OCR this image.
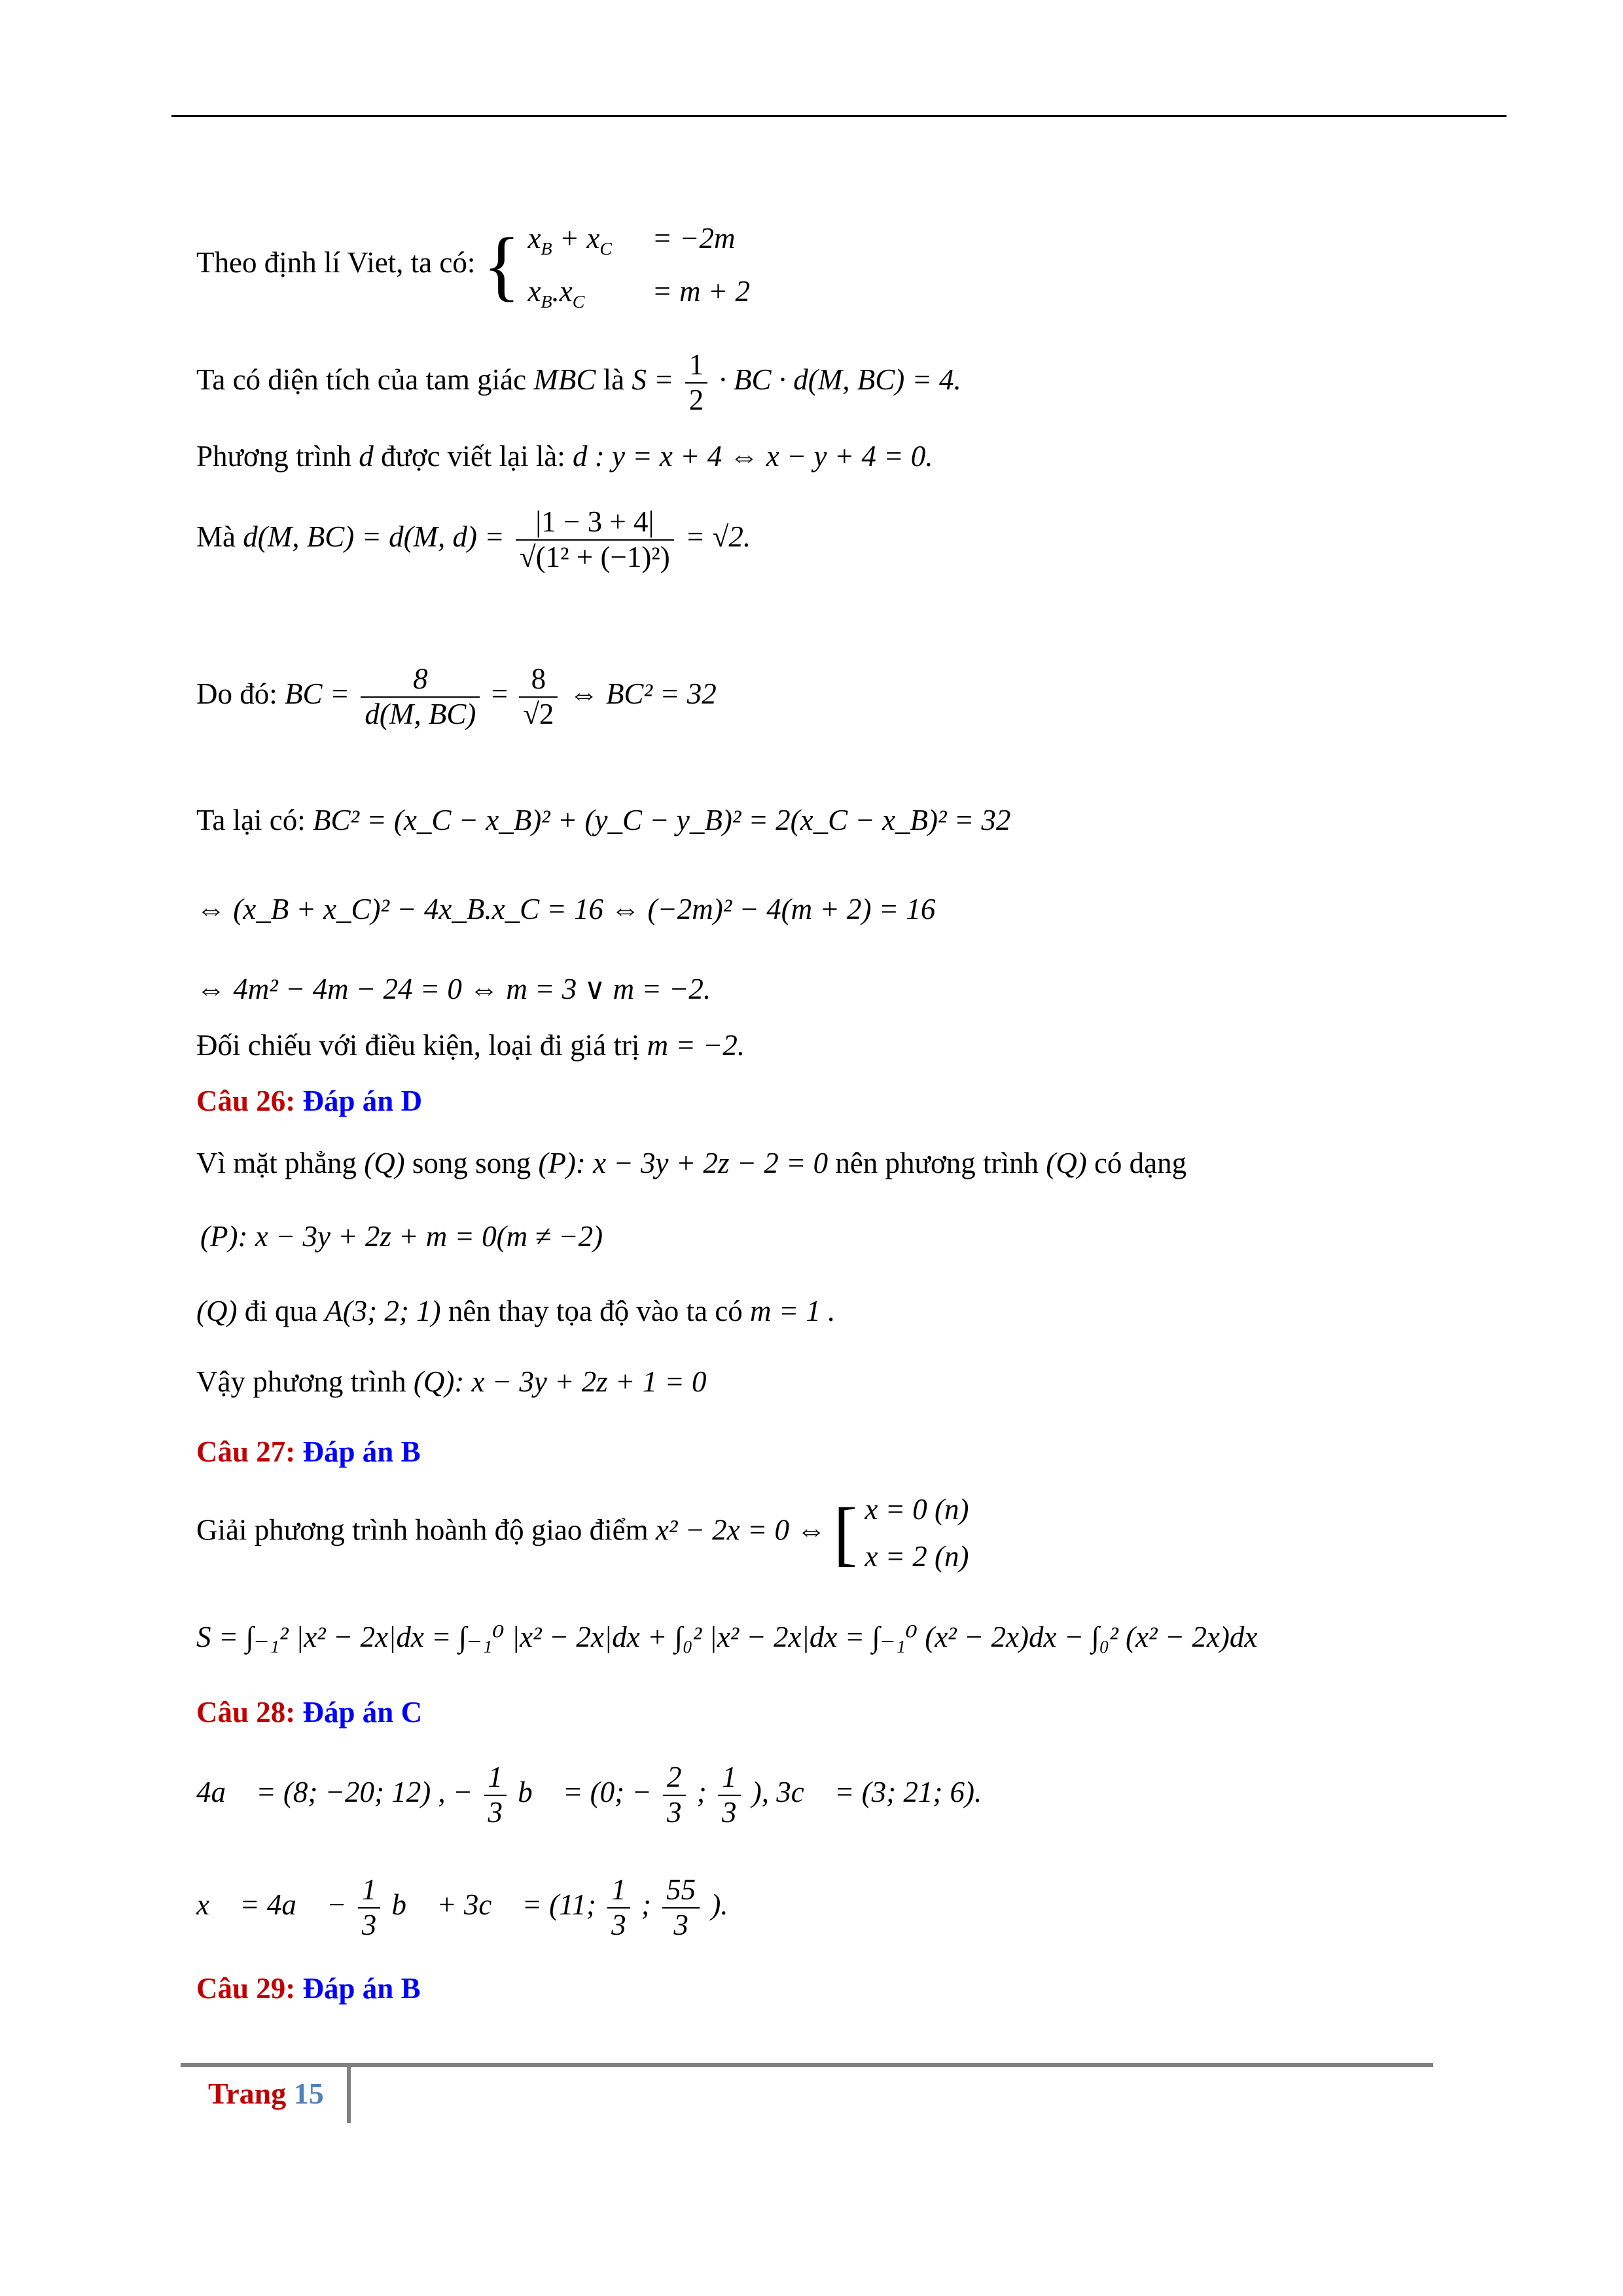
Theo định lí Viet, ta có: { $x_B + x_C = -2m$
$x_B.x_C = m + 2$
Ta có diện tích của tam giác MBC là $S = \frac{1}{2}$ · BC · d(M, BC) = 4.
Phương trình d được viết lại là: d : y = x + 4 ⇔ x − y + 4 = 0.
Mà d(M, BC) = d(M, $d) = \frac{|1 - 3 + 4|}{\text{√(1² + (−1)²)}} = √2$.
Do đó: BC = $\frac{8}{d(M, BC)} = \frac{8}{√2}$ ⇔ BC² = 32
Ta lại có: BC² = (x_C − x_B)² + (y_C − y_B)² = 2(x_C − x_B)² = 32
⇔ (x_B + x_C)² − 4x_B.x_C = 16 ⇔ (−2m)² − 4(m + 2) = 16
⇔ 4m² − 4m − 24 = 0 ⇔ m = 3 ∨ m = −2.
Đối chiếu với điều kiện, loại đi giá trị m = −2.
Câu 26: Đáp án D
Vì mặt phẳng (Q) song song (P): x − 3y + 2z − 2 = 0 nên phương trình (Q) có dạng
(P): x − 3y + 2z + m = 0(m ≠ −2)
(Q) đi qua A(3; 2; 1) nên thay tọa độ vào ta có m = 1 .
Vậy phương trình (Q): x − 3y + 2z + 1 = 0
Câu 27: Đáp án B
Giải phương trình hoành độ giao điểm x² − 2x = 0 ⇔ [ x = 0 (n)
x = 2 (n)
S = ∫₋₁² |x² − 2x|dx = ∫₋₁⁰ |x² − 2x|dx + ∫₀² |x² − 2x|dx = ∫₋₁⁰ (x² − 2x)dx − ∫₀² (x² − 2x)dx
Câu 28: Đáp án C
4a⃗ = (8; −20; 12) , − $\frac{1}{3}$ b⃗ = (0; − $\frac{2}{3}$ ; $\frac{1}{3}$ ), 3c⃗ = (3; 21; 6).
x⃗ = 4a⃗ − $\frac{1}{3}$ b⃗ + 3c⃗ = (11; $\frac{1}{3}$ ; $\frac{55}{3}$ ).
Câu 29: Đáp án B
Trang 15
